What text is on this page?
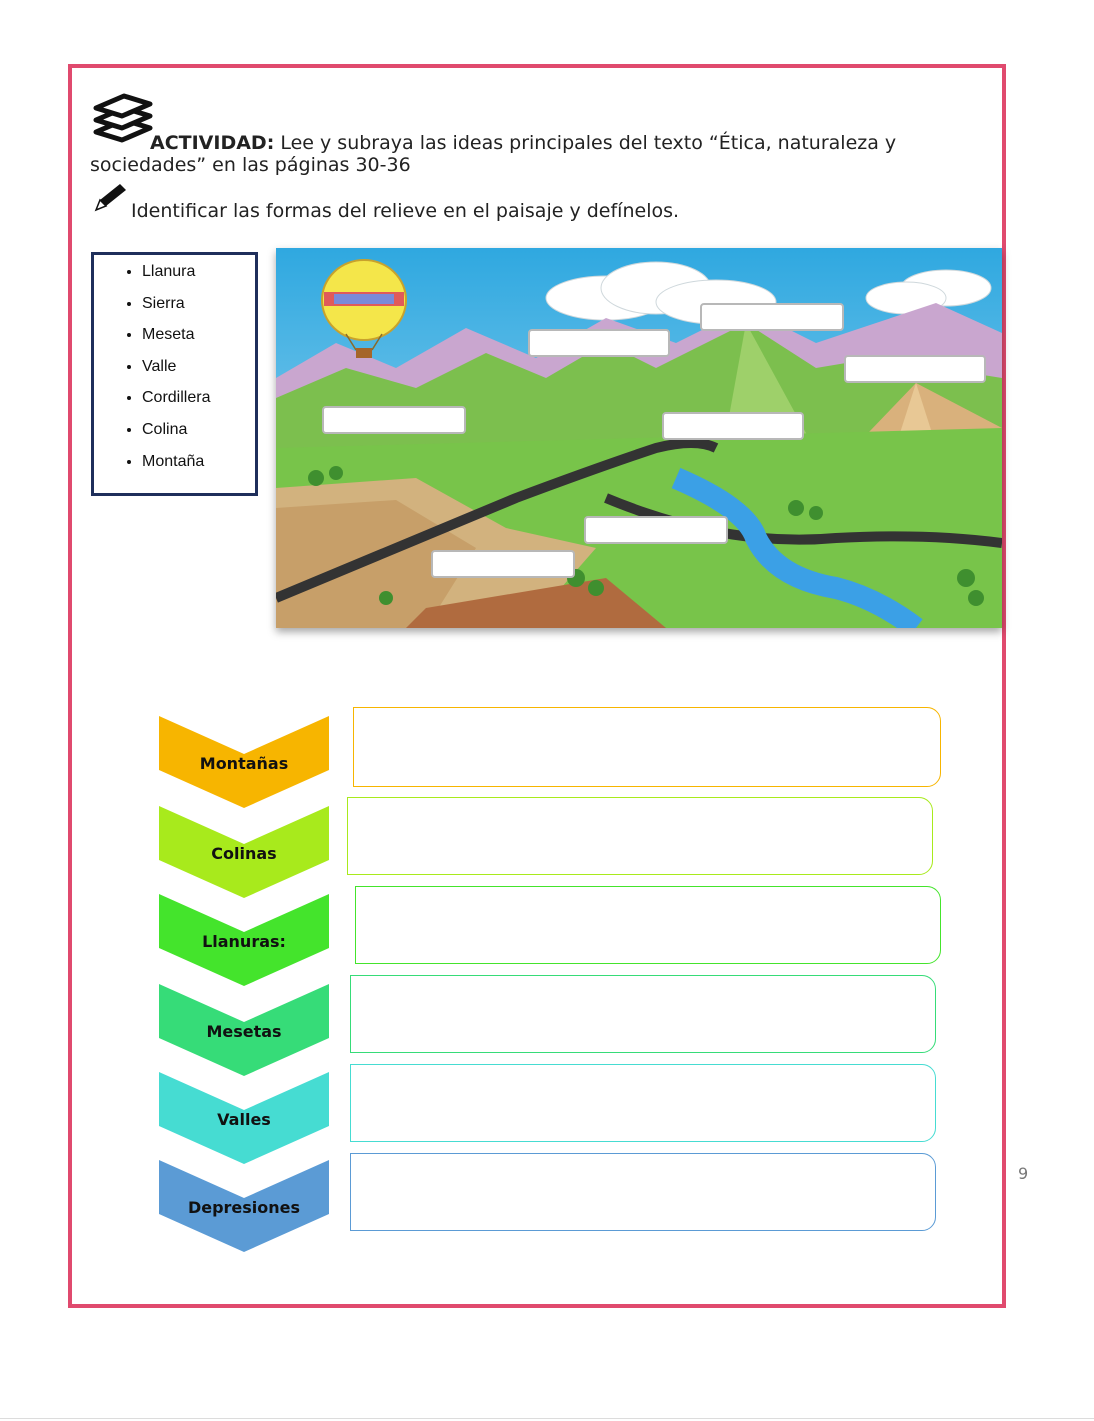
ACTIVIDAD: Lee y subraya las ideas principales del texto “Ética, naturaleza y sociedades” en las páginas 30-36
Identificar las formas del relieve en el paisaje y defínelos.
• Llanura
• Sierra
• Meseta
• Valle
• Cordillera
• Colina
• Montaña
Montañas
Colinas
Llanuras:
Mesetas
Valles
Depresiones
9
